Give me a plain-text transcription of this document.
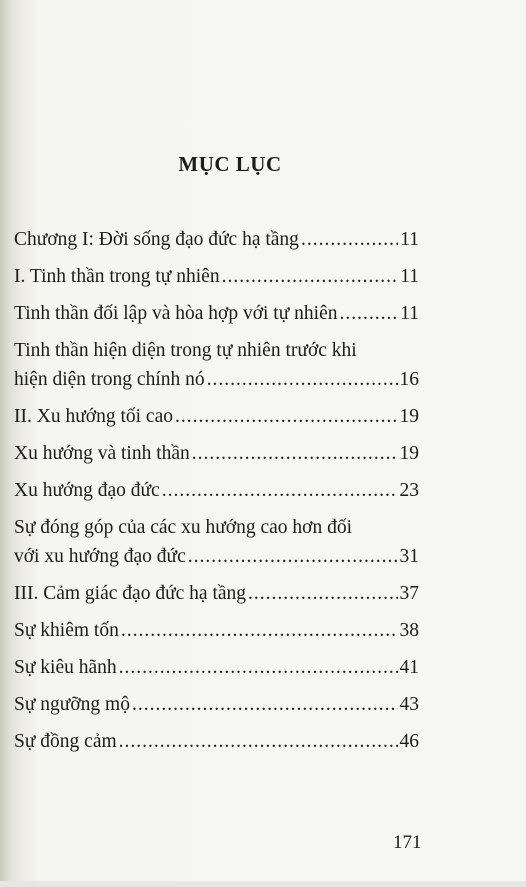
MỤC LỤC
Chương I: Đời sống đạo đức hạ tầng .....	11
I. Tinh thần trong tự nhiên .....	11
Tinh thần đối lập và hòa hợp với tự nhiên .....	11
Tinh thần hiện diện trong tự nhiên trước khi
hiện diện trong chính nó .....	16
II. Xu hướng tối cao .....	19
Xu hướng và tinh thần .....	19
Xu hướng đạo đức .....	23
Sự đóng góp của các xu hướng cao hơn đối
với xu hướng đạo đức .....	31
III. Cảm giác đạo đức hạ tầng .....	37
Sự khiêm tốn .....	38
Sự kiêu hãnh .....	41
Sự ngưỡng mộ .....	43
Sự đồng cảm .....	46
171
